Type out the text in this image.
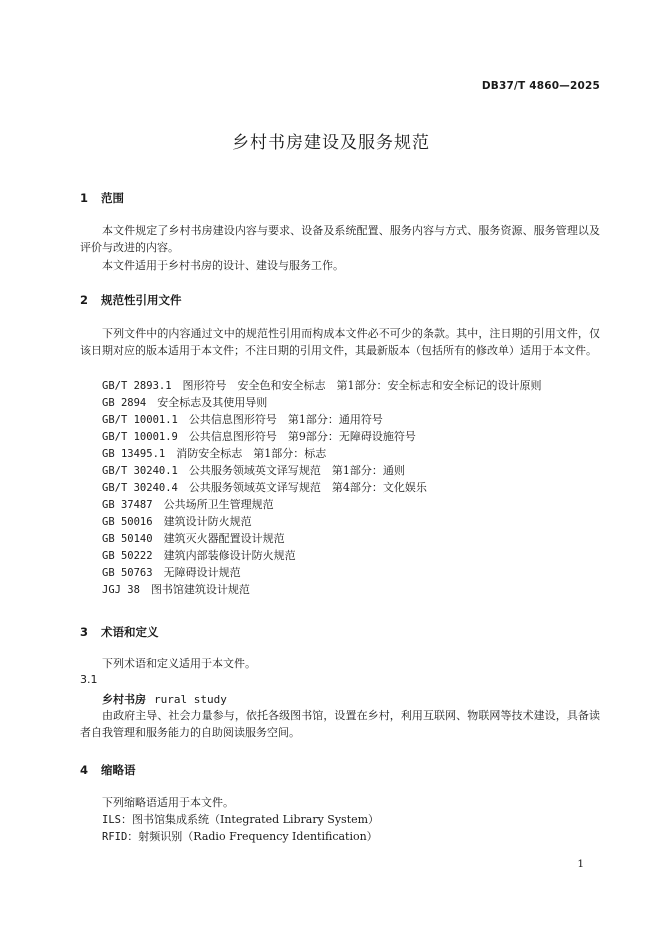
DB37/T 4860—2025
乡村书房建设及服务规范
1 范围
本文件规定了乡村书房建设内容与要求、设备及系统配置、服务内容与方式、服务资源、服务管理以及评价与改进的内容。
本文件适用于乡村书房的设计、建设与服务工作。
2 规范性引用文件
下列文件中的内容通过文中的规范性引用而构成本文件必不可少的条款。其中，注日期的引用文件，仅该日期对应的版本适用于本文件；不注日期的引用文件，其最新版本（包括所有的修改单）适用于本文件。
GB/T 2893.1　 图形符号　安全色和安全标志　第1部分：安全标志和安全标记的设计原则
GB 2894　 安全标志及其使用导则
GB/T 10001.1　 公共信息图形符号　第1部分：通用符号
GB/T 10001.9　 公共信息图形符号　第9部分：无障碍设施符号
GB 13495.1　 消防安全标志　第1部分：标志
GB/T 30240.1　 公共服务领域英文译写规范　第1部分：通则
GB/T 30240.4　 公共服务领域英文译写规范　第4部分：文化娱乐
GB 37487　 公共场所卫生管理规范
GB 50016　 建筑设计防火规范
GB 50140　 建筑灭火器配置设计规范
GB 50222　 建筑内部装修设计防火规范
GB 50763　 无障碍设计规范
JGJ 38　 图书馆建筑设计规范
3 术语和定义
下列术语和定义适用于本文件。
3.1
乡村书房 rural study
由政府主导、社会力量参与，依托各级图书馆，设置在乡村，利用互联网、物联网等技术建设，具备读者自我管理和服务能力的自助阅读服务空间。
4 缩略语
下列缩略语适用于本文件。
ILS：图书馆集成系统（Integrated Library System）
RFID：射频识别（Radio Frequency Identification）
1
